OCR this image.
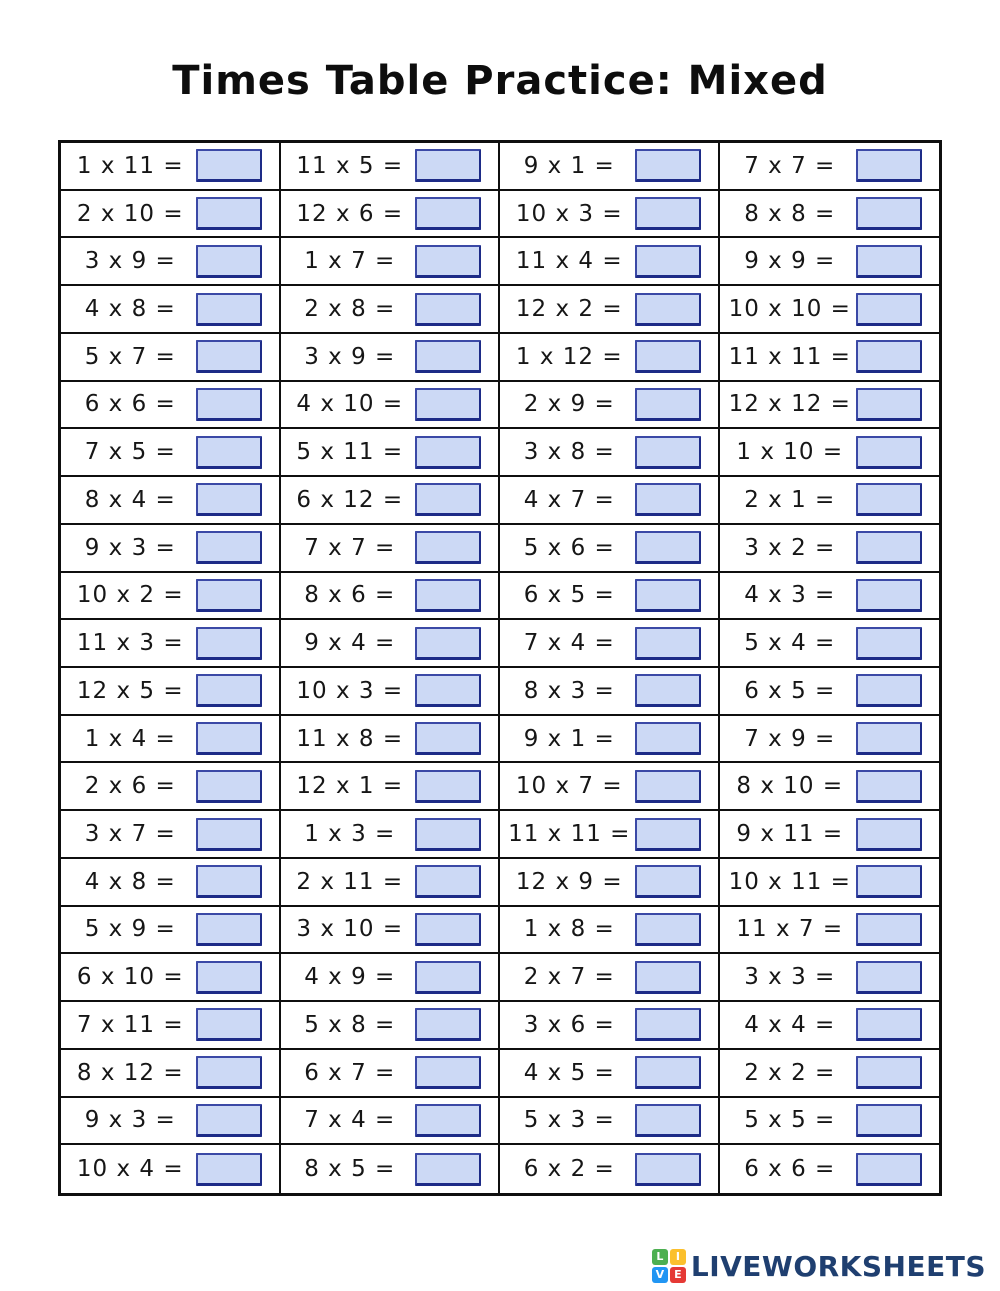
Times Table Practice: Mixed
1 x 11 =	11 x 5 =	9 x 1 =	7 x 7 =
2 x 10 =	12 x 6 =	10 x 3 =	8 x 8 =
3 x 9 =	1 x 7 =	11 x 4 =	9 x 9 =
4 x 8 =	2 x 8 =	12 x 2 =	10 x 10 =
5 x 7 =	3 x 9 =	1 x 12 =	11 x 11 =
6 x 6 =	4 x 10 =	2 x 9 =	12 x 12 =
7 x 5 =	5 x 11 =	3 x 8 =	1 x 10 =
8 x 4 =	6 x 12 =	4 x 7 =	2 x 1 =
9 x 3 =	7 x 7 =	5 x 6 =	3 x 2 =
10 x 2 =	8 x 6 =	6 x 5 =	4 x 3 =
11 x 3 =	9 x 4 =	7 x 4 =	5 x 4 =
12 x 5 =	10 x 3 =	8 x 3 =	6 x 5 =
1 x 4 =	11 x 8 =	9 x 1 =	7 x 9 =
2 x 6 =	12 x 1 =	10 x 7 =	8 x 10 =
3 x 7 =	1 x 3 =	11 x 11 =	9 x 11 =
4 x 8 =	2 x 11 =	12 x 9 =	10 x 11 =
5 x 9 =	3 x 10 =	1 x 8 =	11 x 7 =
6 x 10 =	4 x 9 =	2 x 7 =	3 x 3 =
7 x 11 =	5 x 8 =	3 x 6 =	4 x 4 =
8 x 12 =	6 x 7 =	4 x 5 =	2 x 2 =
9 x 3 =	7 x 4 =	5 x 3 =	5 x 5 =
10 x 4 =	8 x 5 =	6 x 2 =	6 x 6 =
L	I
V E LIVEWORKSHEETS
